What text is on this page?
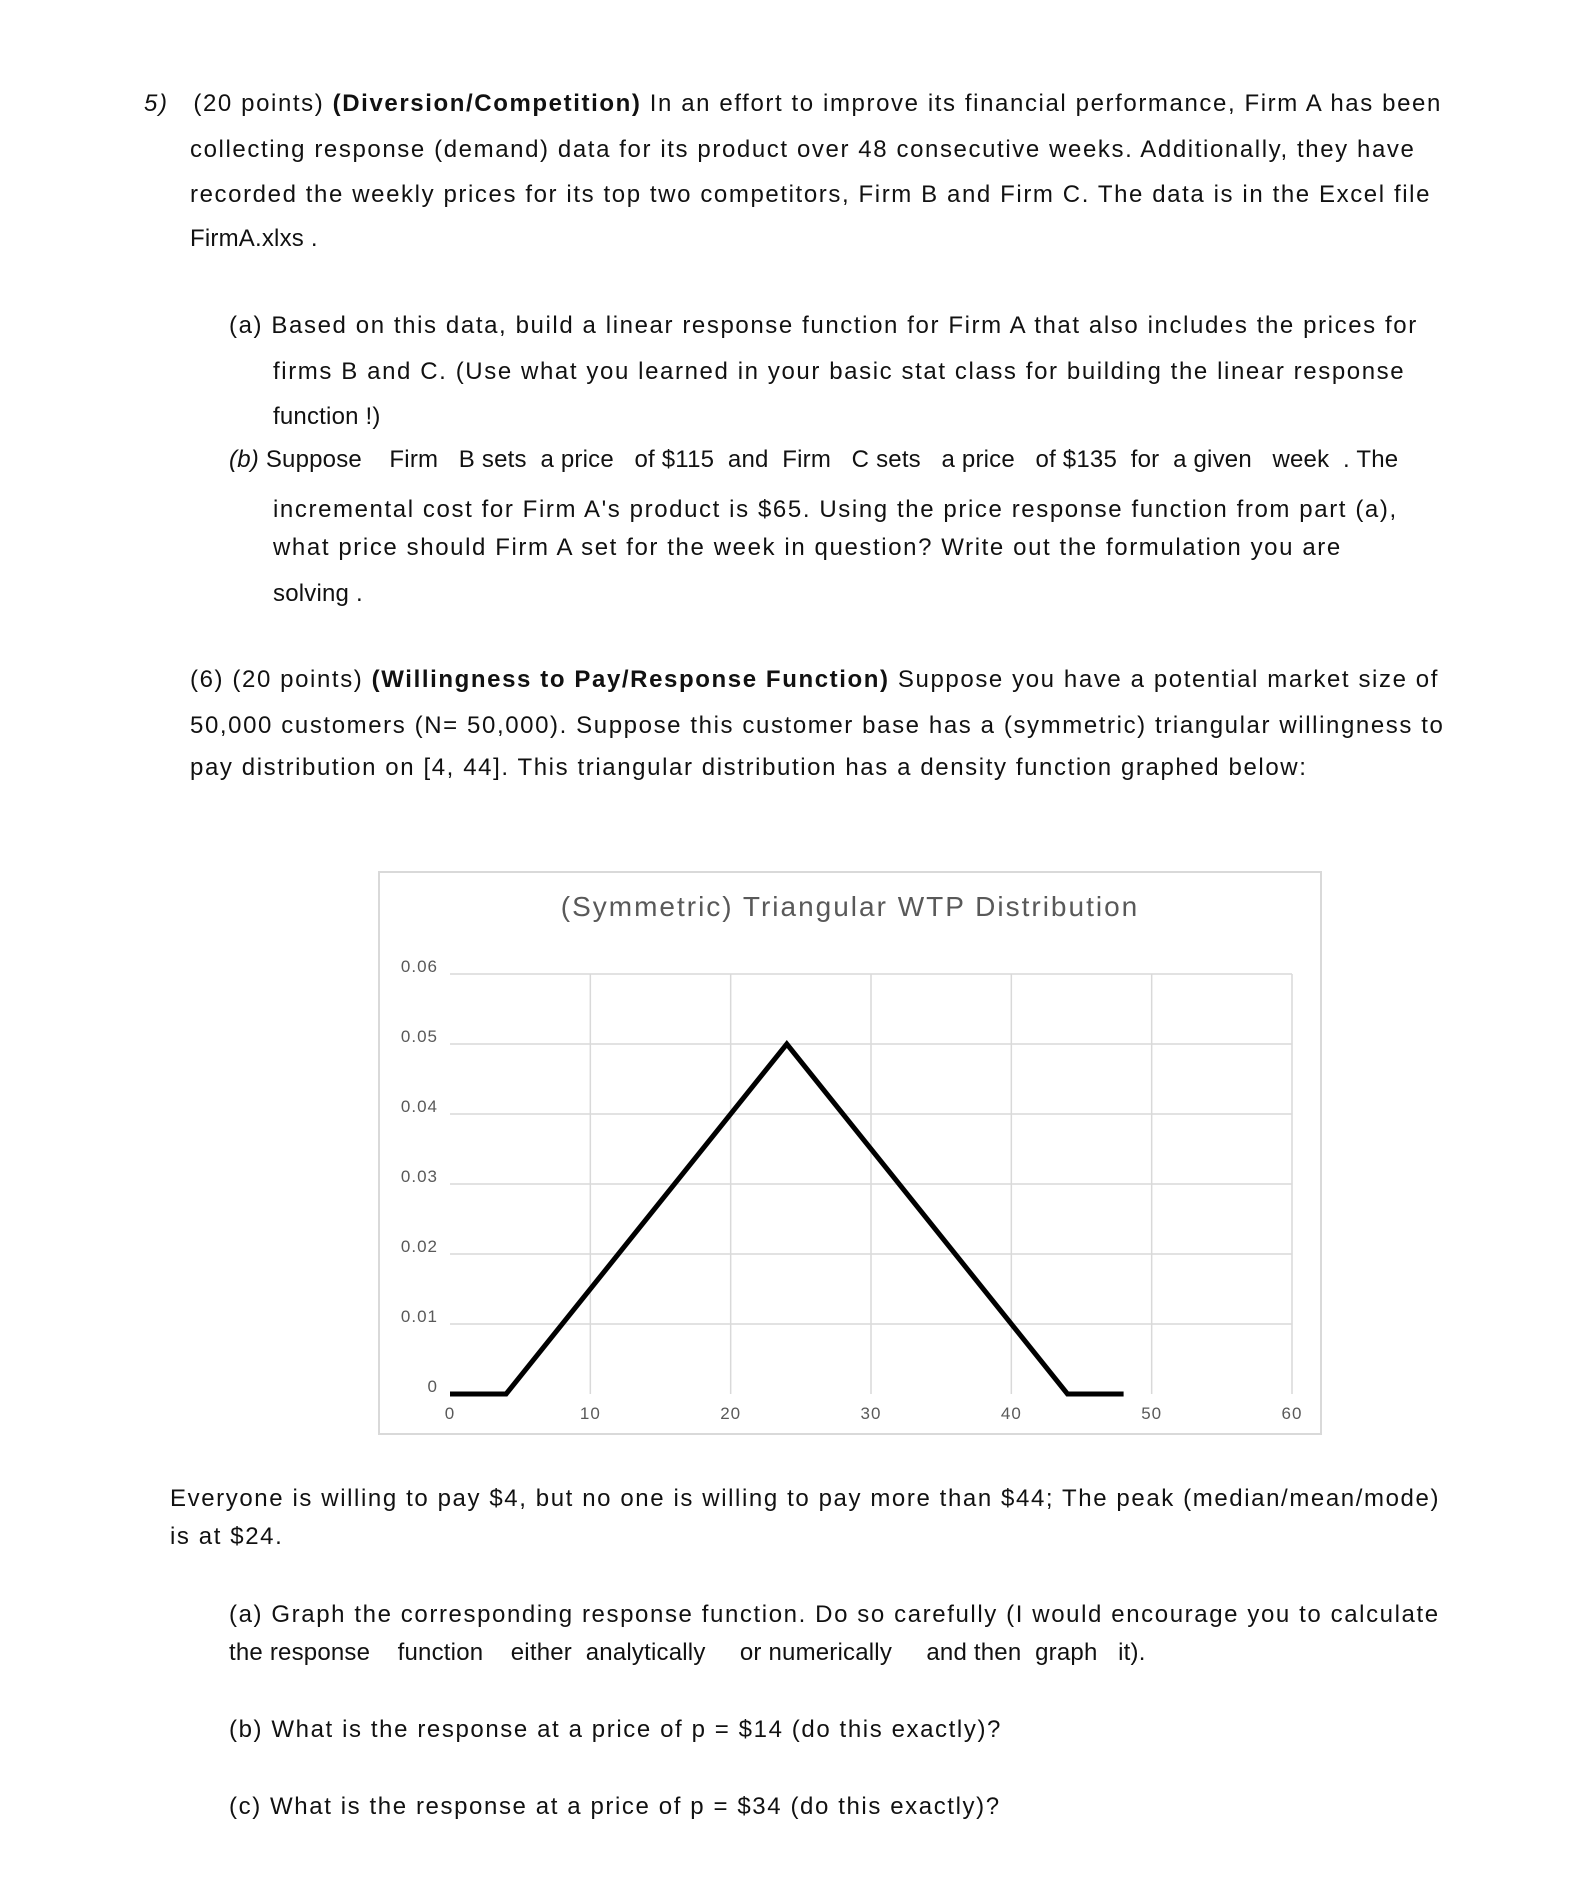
5) (20 points) (Diversion/Competition) In an effort to improve its financial performance, Firm A has been
collecting response (demand) data for its product over 48 consecutive weeks. Additionally, they have
recorded the weekly prices for its top two competitors, Firm B and Firm C. The data is in the Excel file
FirmA.xlxs .
(a) Based on this data, build a linear response function for Firm A that also includes the prices for
firms B and C. (Use what you learned in your basic stat class for building the linear response
function !)
(b) Suppose    Firm   B sets  a price   of $115  and  Firm   C sets   a price   of $135  for  a given   week  . The
incremental cost for Firm A's product is $65. Using the price response function from part (a),
what price should Firm A set for the week in question? Write out the formulation you are
solving .
(6) (20 points) (Willingness to Pay/Response Function) Suppose you have a potential market size of
50,000 customers (N= 50,000). Suppose this customer base has a (symmetric) triangular willingness to
pay distribution on [4, 44]. This triangular distribution has a density function graphed below:
(Symmetric) Triangular WTP Distribution
0
0.01
0.02
0.03
0.04
0.05
0.06
0	10	20	30	40	50	60
Everyone is willing to pay $4, but no one is willing to pay more than $44; The peak (median/mean/mode)
is at $24.
(a) Graph the corresponding response function. Do so carefully (I would encourage you to calculate
the response    function    either  analytically     or numerically     and then  graph   it).
(b) What is the response at a price of p = $14 (do this exactly)?
(c) What is the response at a price of p = $34 (do this exactly)?
